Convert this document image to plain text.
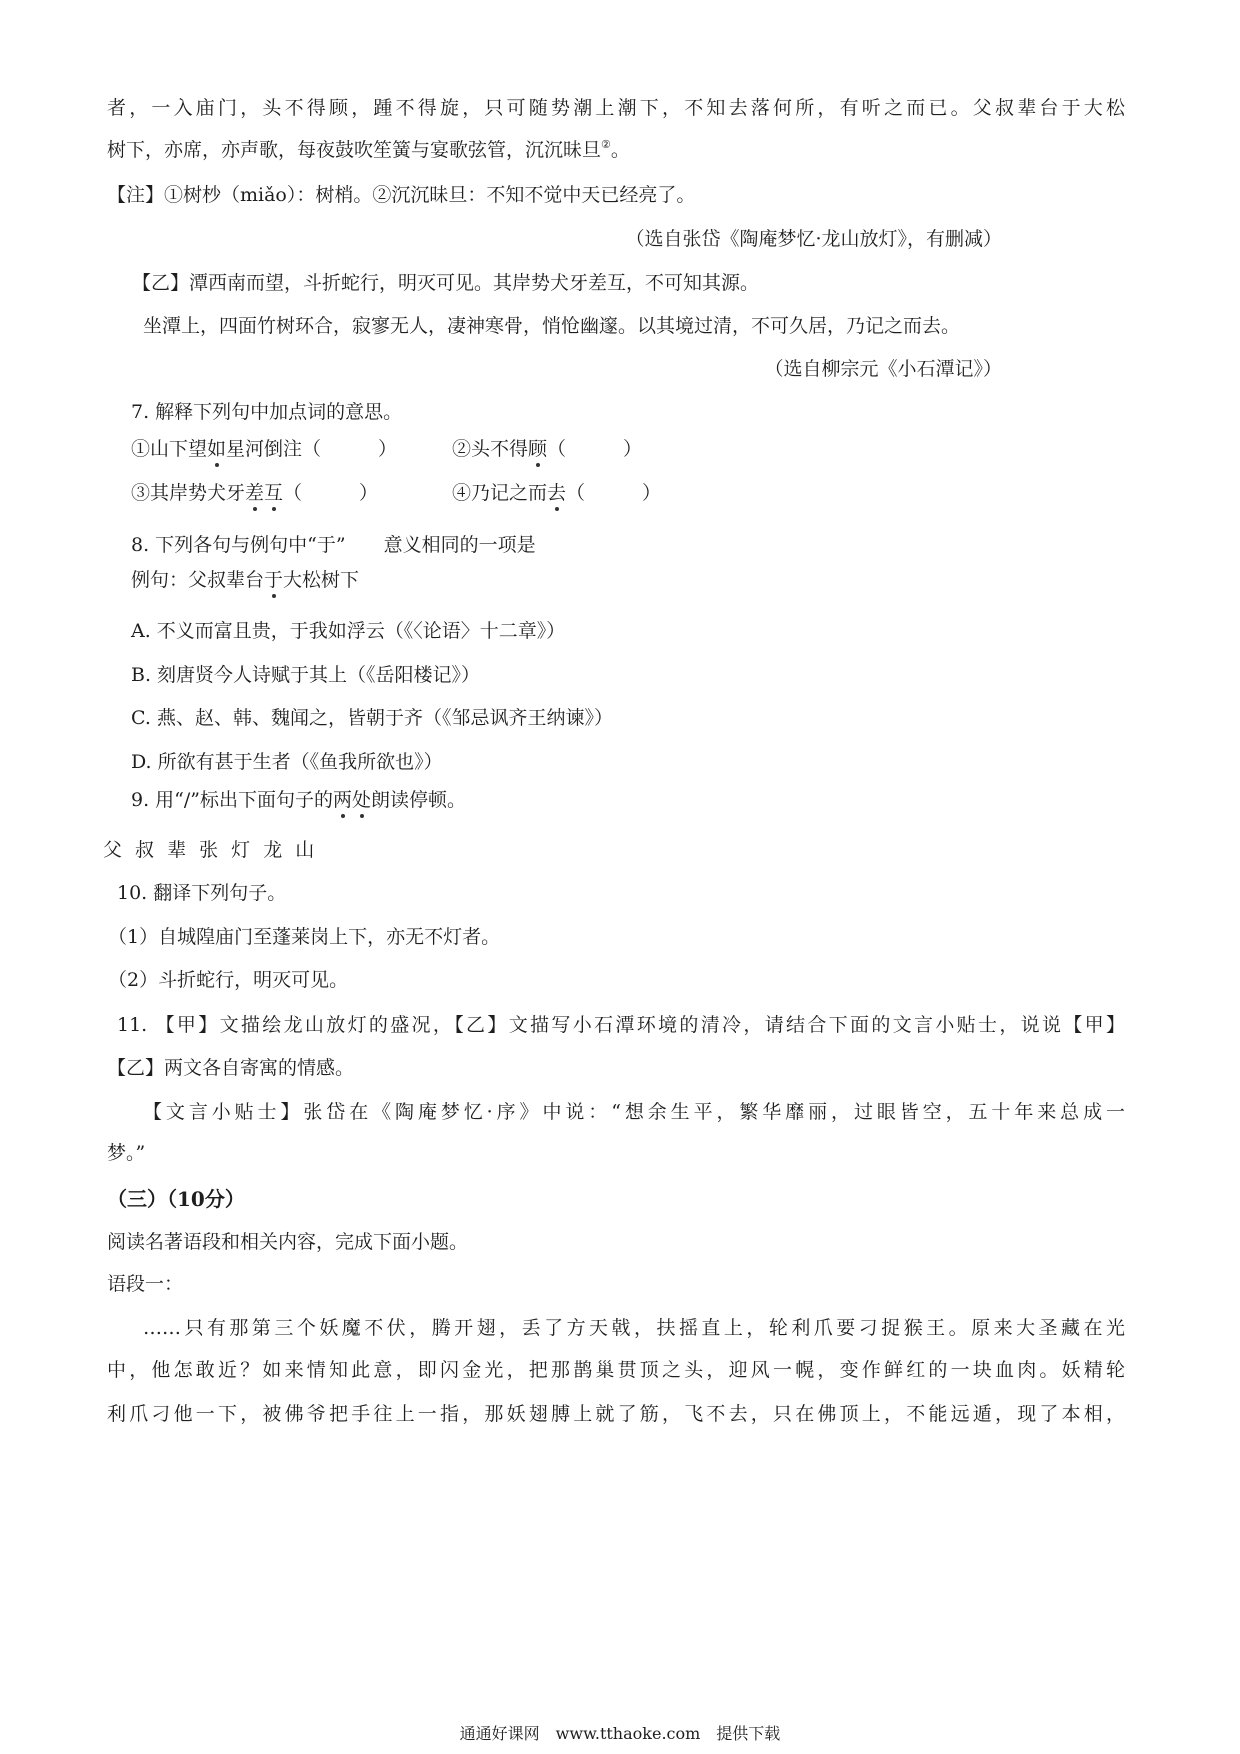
者，一入庙门，头不得顾，踵不得旋，只可随势潮上潮下，不知去落何所，有听之而已。父叔辈台于大松
树下，亦席，亦声歌，每夜鼓吹笙簧与宴歌弦管，沉沉昧旦②。
【注】①树杪（miǎo）：树梢。②沉沉昧旦：不知不觉中天已经亮了。
（选自张岱《陶庵梦忆·龙山放灯》，有删减）
【乙】潭西南而望，斗折蛇行，明灭可见。其岸势犬牙差互，不可知其源。
坐潭上，四面竹树环合，寂寥无人，凄神寒骨，悄怆幽邃。以其境过清，不可久居，乃记之而去。
（选自柳宗元《小石潭记》）
7. 解释下列句中加点词的意思。
①山下望如星河倒注（　　　）	②头不得顾（　　　）
③其岸势犬牙差互（　　　）	④乃记之而去（　　　）
8. 下列各句与例句中“于”　　意义相同的一项是
例句：父叔辈台于大松树下
A. 不义而富且贵，于我如浮云（《〈论语〉十二章》）
B. 刻唐贤今人诗赋于其上（《岳阳楼记》）
C. 燕、赵、韩、魏闻之，皆朝于齐（《邹忌讽齐王纳谏》）
D. 所欲有甚于生者（《鱼我所欲也》）
9. 用“/”标出下面句子的两处朗读停顿。
父 叔 辈 张 灯 龙 山
10. 翻译下列句子。
（1）自城隍庙门至蓬莱岗上下，亦无不灯者。
（2）斗折蛇行，明灭可见。
11. 【甲】文描绘龙山放灯的盛况，【乙】文描写小石潭环境的清冷，请结合下面的文言小贴士，说说【甲】
【乙】两文各自寄寓的情感。
【文言小贴士】张岱在《陶庵梦忆·序》中说：“想余生平，繁华靡丽，过眼皆空，五十年来总成一
梦。”
（三）（10分）
阅读名著语段和相关内容，完成下面小题。
语段一：
……只有那第三个妖魔不伏，腾开翅，丢了方天戟，扶摇直上，轮利爪要刁捉猴王。原来大圣藏在光
中，他怎敢近？如来情知此意，即闪金光，把那鹊巢贯顶之头，迎风一幌，变作鲜红的一块血肉。妖精轮
利爪刁他一下，被佛爷把手往上一指，那妖翅膊上就了筋，飞不去，只在佛顶上，不能远遁，现了本相，
通通好课网　www.tthaoke.com　提供下载
